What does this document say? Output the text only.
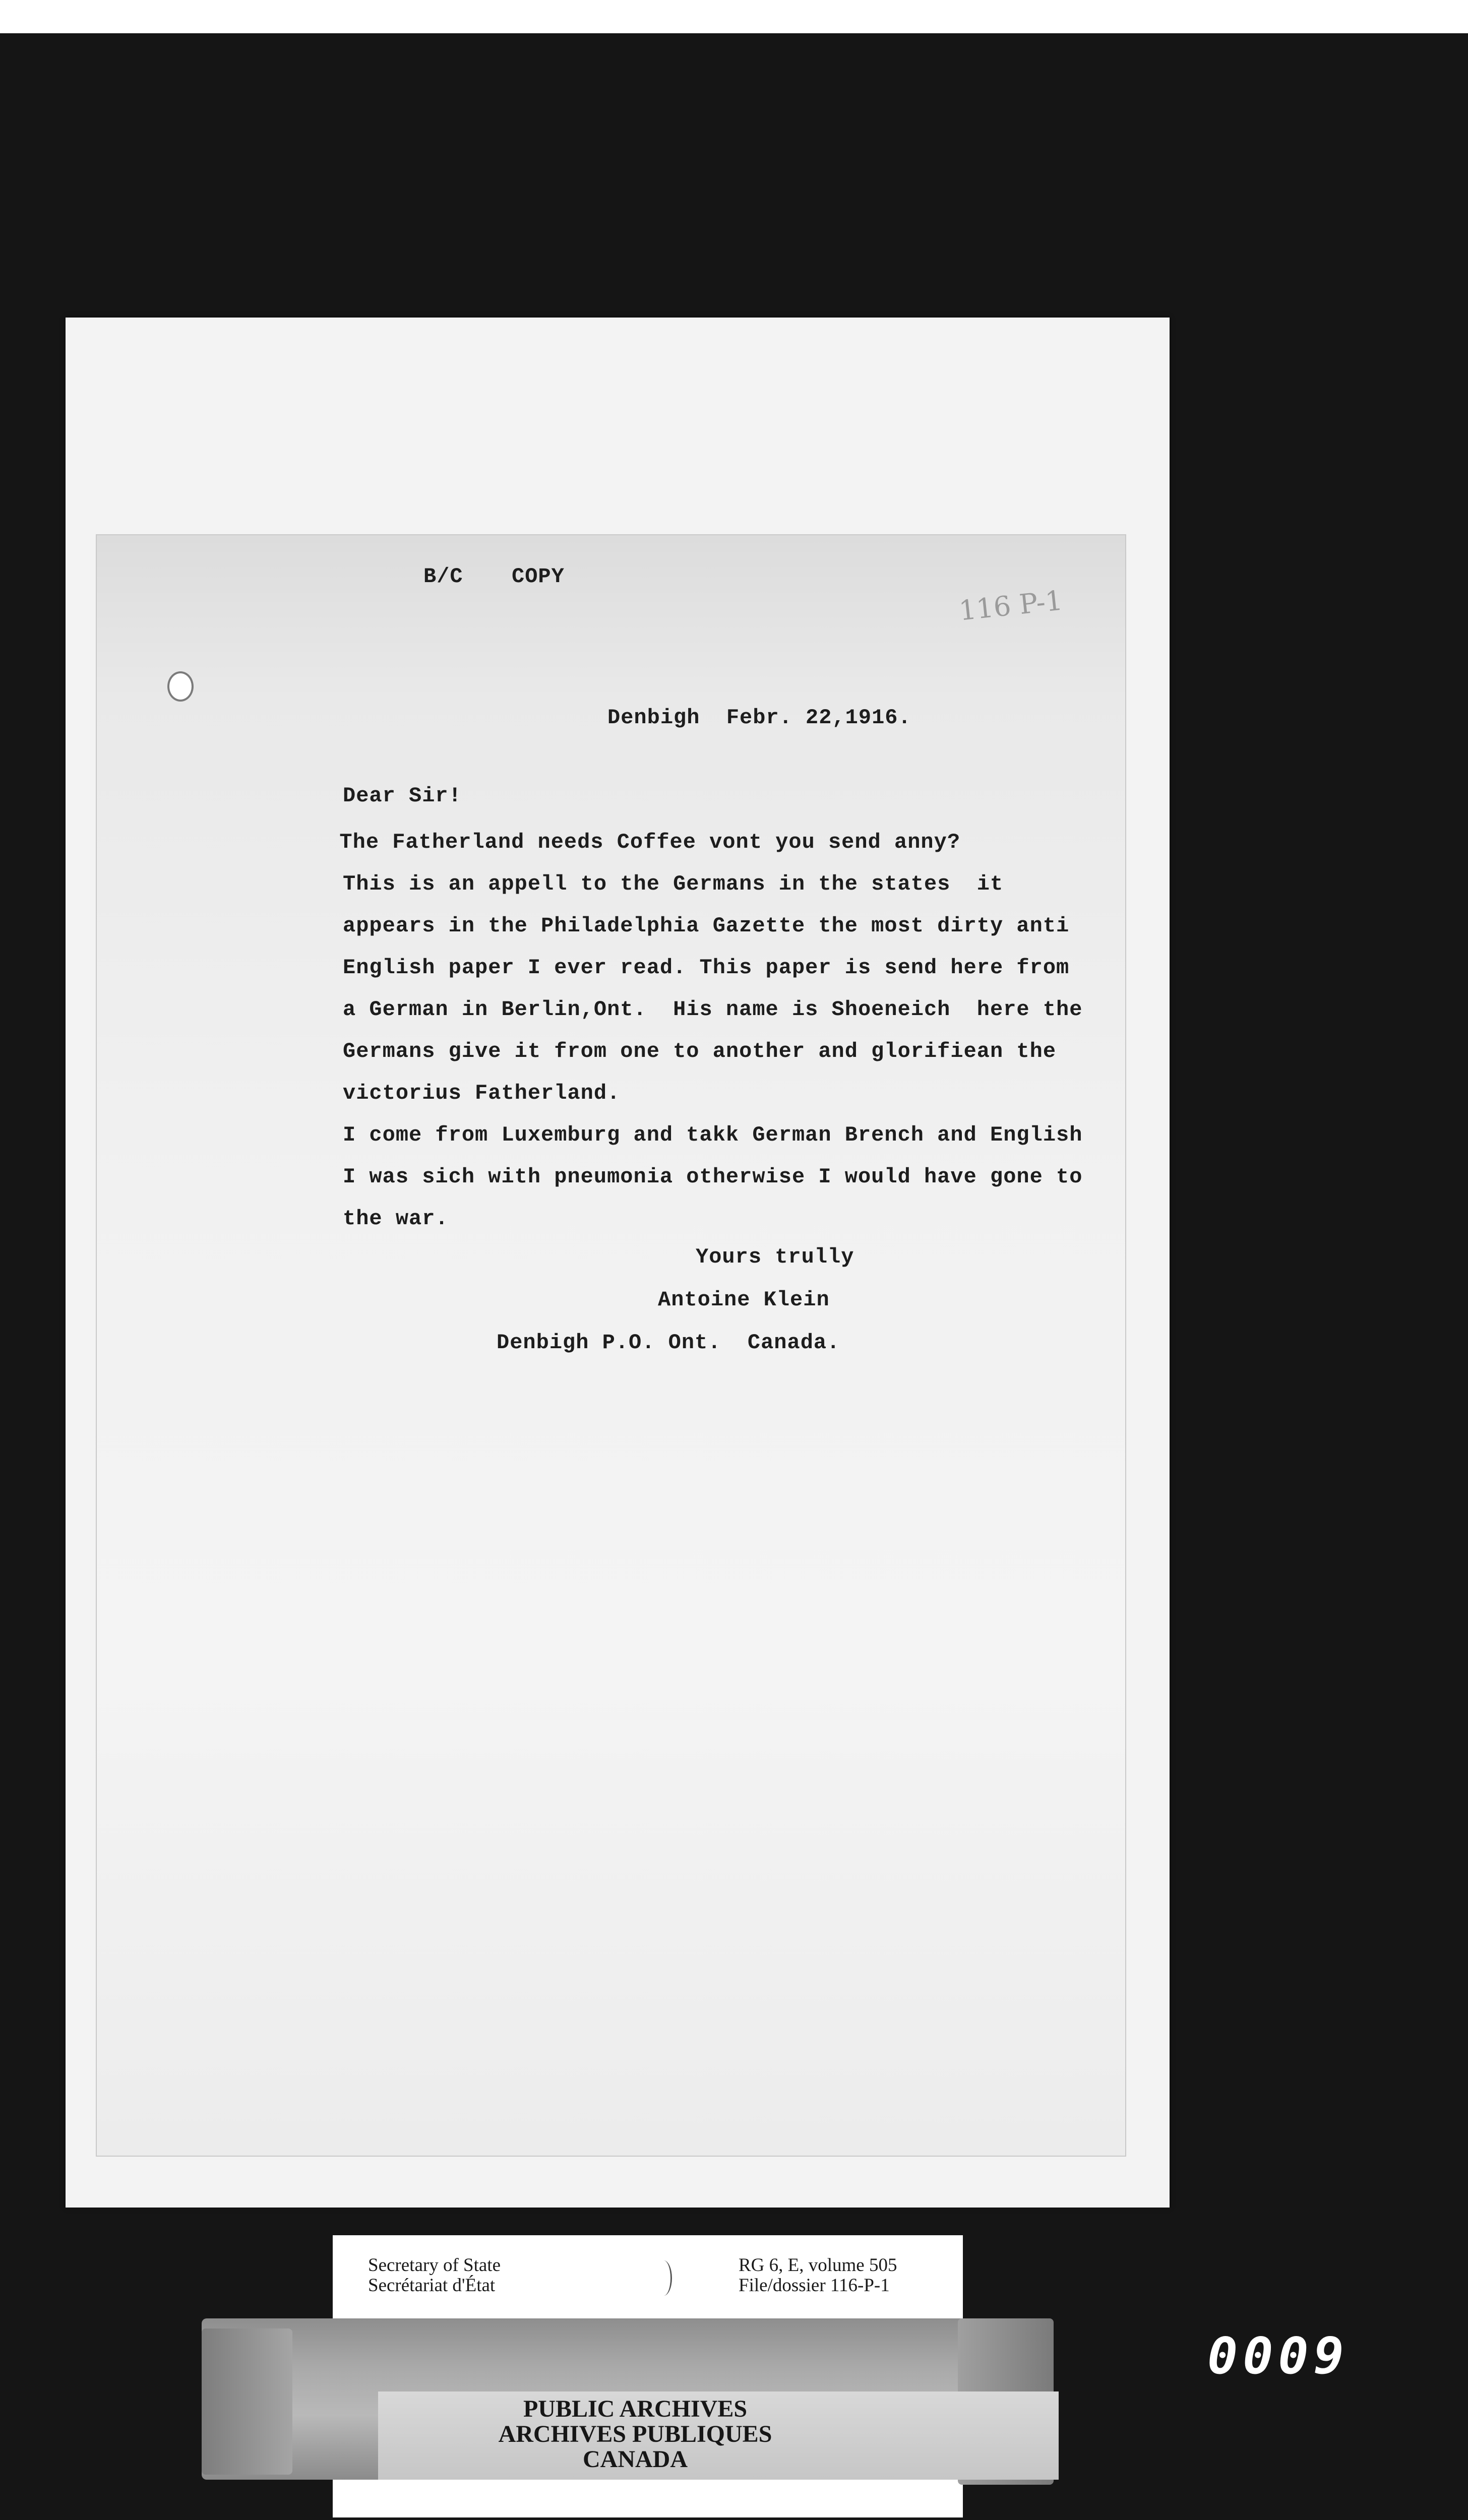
116 P-1
B/C COPY
Denbigh  Febr. 22,1916.
Dear Sir!
The Fatherland needs Coffee vont you send anny?
This is an appell to the Germans in the states  it
appears in the Philadelphia Gazette the most dirty anti
English paper I ever read. This paper is send here from
a German in Berlin,Ont.  His name is Shoeneich  here the
Germans give it from one to another and glorifiean the
victorius Fatherland.
I come from Luxemburg and takk German Brench and English
I was sich with pneumonia otherwise I would have gone to
the war.
Yours trully
Antoine Klein
Denbigh P.O. Ont.  Canada.
Secretary of State
Secrétariat d'État
RG 6, E, volume 505
File/dossier 116-P-1
PUBLIC ARCHIVES
ARCHIVES PUBLIQUES
CANADA
0009
